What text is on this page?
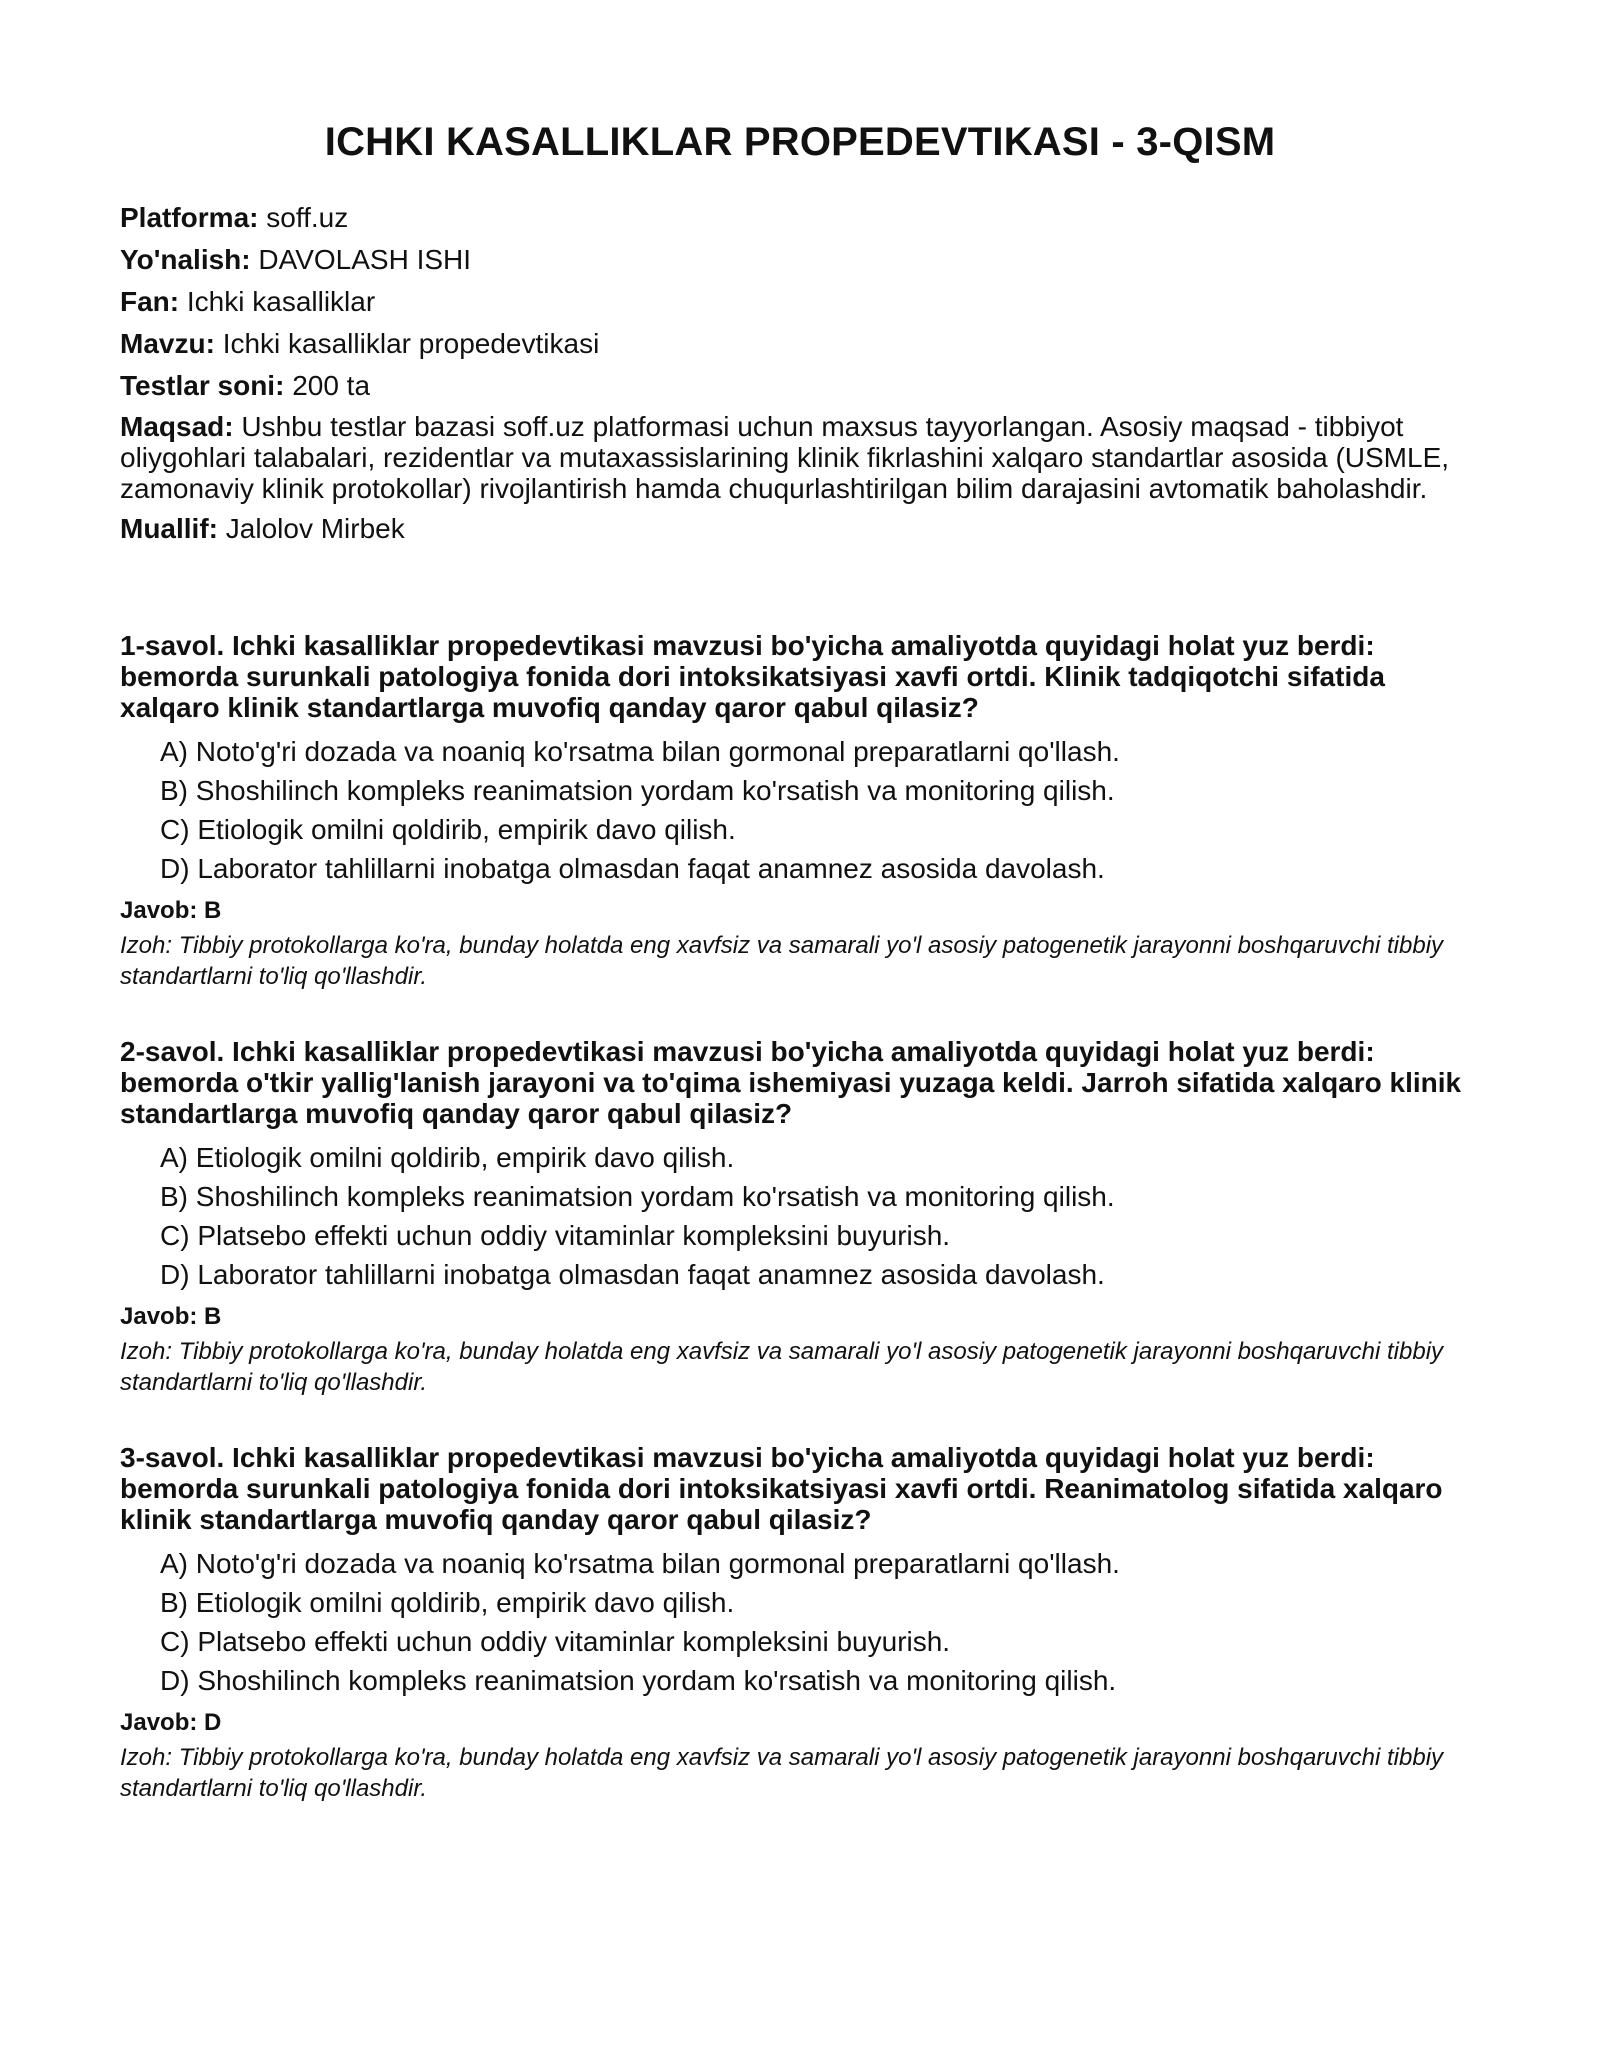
ICHKI KASALLIKLAR PROPEDEVTIKASI - 3-QISM

Platforma: soff.uz

Yo'nalish: DAVOLASH ISHI

Fan: Ichki kasalliklar

Mavzu: Ichki kasalliklar propedevtikasi

Testlar soni: 200 ta

Maqsad: Ushbu testlar bazasi soff.uz platformasi uchun maxsus tayyorlangan. Asosiy maqsad - tibbiyot oliygohlari talabalari, rezidentlar va mutaxassislarining klinik fikrlashini xalqaro standartlar asosida (USMLE, zamonaviy klinik protokollar) rivojlantirish hamda chuqurlashtirilgan bilim darajasini avtomatik baholashdir.

Muallif: Jalolov Mirbek

1-savol. Ichki kasalliklar propedevtikasi mavzusi bo'yicha amaliyotda quyidagi holat yuz berdi: bemorda surunkali patologiya fonida dori intoksikatsiyasi xavfi ortdi. Klinik tadqiqotchi sifatida xalqaro klinik standartlarga muvofiq qanday qaror qabul qilasiz?

A) Noto'g'ri dozada va noaniq ko'rsatma bilan gormonal preparatlarni qo'llash.

B) Shoshilinch kompleks reanimatsion yordam ko'rsatish va monitoring qilish.

C) Etiologik omilni qoldirib, empirik davo qilish.

D) Laborator tahlillarni inobatga olmasdan faqat anamnez asosida davolash.

Javob: B

Izoh: Tibbiy protokollarga ko'ra, bunday holatda eng xavfsiz va samarali yo'l asosiy patogenetik jarayonni boshqaruvchi tibbiy standartlarni to'liq qo'llashdir.

2-savol. Ichki kasalliklar propedevtikasi mavzusi bo'yicha amaliyotda quyidagi holat yuz berdi: bemorda o'tkir yallig'lanish jarayoni va to'qima ishemiyasi yuzaga keldi. Jarroh sifatida xalqaro klinik standartlarga muvofiq qanday qaror qabul qilasiz?

A) Etiologik omilni qoldirib, empirik davo qilish.

B) Shoshilinch kompleks reanimatsion yordam ko'rsatish va monitoring qilish.

C) Platsebo effekti uchun oddiy vitaminlar kompleksini buyurish.

D) Laborator tahlillarni inobatga olmasdan faqat anamnez asosida davolash.

Javob: B

Izoh: Tibbiy protokollarga ko'ra, bunday holatda eng xavfsiz va samarali yo'l asosiy patogenetik jarayonni boshqaruvchi tibbiy standartlarni to'liq qo'llashdir.

3-savol. Ichki kasalliklar propedevtikasi mavzusi bo'yicha amaliyotda quyidagi holat yuz berdi: bemorda surunkali patologiya fonida dori intoksikatsiyasi xavfi ortdi. Reanimatolog sifatida xalqaro klinik standartlarga muvofiq qanday qaror qabul qilasiz?

A) Noto'g'ri dozada va noaniq ko'rsatma bilan gormonal preparatlarni qo'llash.

B) Etiologik omilni qoldirib, empirik davo qilish.

C) Platsebo effekti uchun oddiy vitaminlar kompleksini buyurish.

D) Shoshilinch kompleks reanimatsion yordam ko'rsatish va monitoring qilish.

Javob: D

Izoh: Tibbiy protokollarga ko'ra, bunday holatda eng xavfsiz va samarali yo'l asosiy patogenetik jarayonni boshqaruvchi tibbiy standartlarni to'liq qo'llashdir.
